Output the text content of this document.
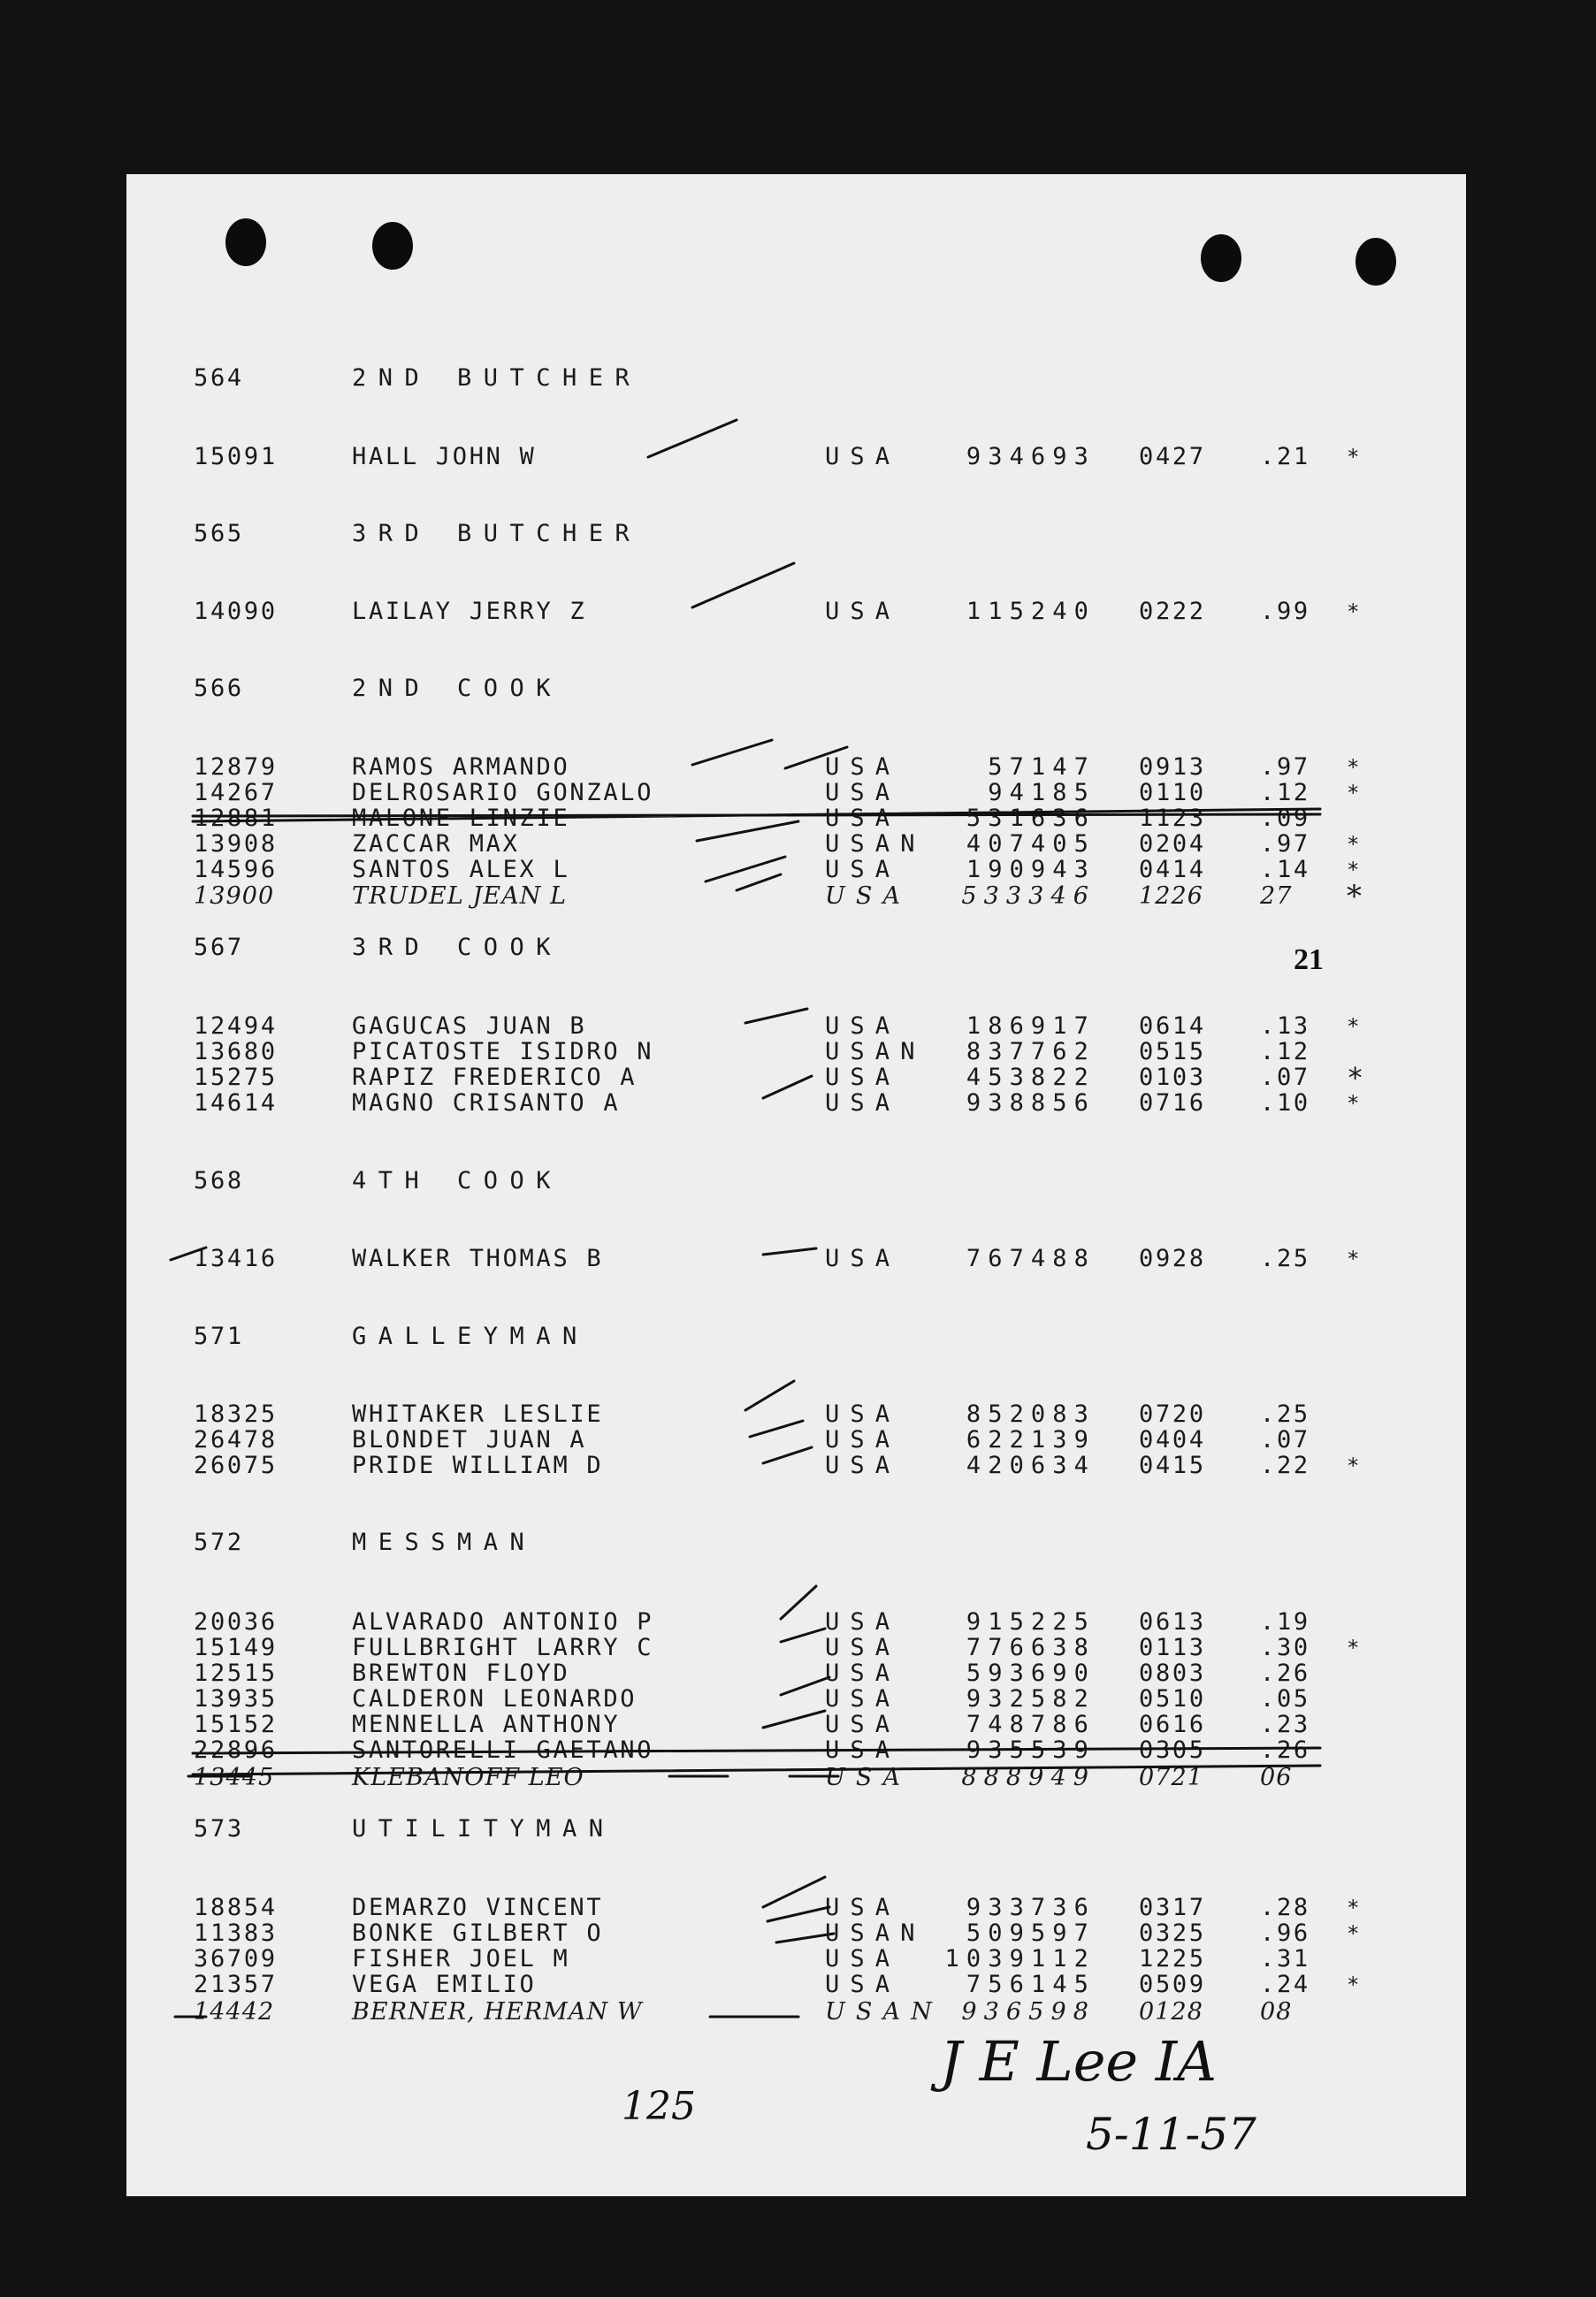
21
564	2ND BUTCHER
15091	HALL JOHN W	USA	934693 0427 .21 *
565	3RD BUTCHER
14090	LAILAY JERRY Z	USA	115240 0222 .99 *
566	2ND COOK
12879	RAMOS ARMANDO	USA	57147 0913 .97 *
14267	DELROSARIO GONZALO	USA	94185 0110 .12 *
12881	MALONE LINZIE	USA	531636 1123 .09
13908	ZACCAR MAX	USAN	407405 0204 .97 *
14596	SANTOS ALEX L	USA	190943 0414 .14 *
13900	TRUDEL JEAN L	USA	533346 1226 27 *
567	3RD COOK
12494	GAGUCAS JUAN B	USA	186917 0614 .13 *
13680	PICATOSTE ISIDRO N	USAN	837762 0515 .12
15275	RAPIZ FREDERICO A	USA	453822 0103 .07 *
14614	MAGNO CRISANTO A	USA	938856 0716 .10 *
568	4TH COOK
13416	WALKER THOMAS B	USA	767488 0928 .25 *
571	GALLEYMAN
18325	WHITAKER LESLIE	USA	852083 0720 .25
26478	BLONDET JUAN A	USA	622139 0404 .07
26075	PRIDE WILLIAM D	USA	420634 0415 .22 *
572	MESSMAN
20036	ALVARADO ANTONIO P	USA	915225 0613 .19
15149	FULLBRIGHT LARRY C	USA	776638 0113 .30 *
12515	BREWTON FLOYD	USA	593690 0803 .26
13935	CALDERON LEONARDO	USA	932582 0510 .05
15152	MENNELLA ANTHONY	USA	748786 0616 .23
22896	SANTORELLI GAETANO	USA	935539 0305 .26
13445	KLEBANOFF LEO	USA	888949 0721 06
573	UTILITYMAN
18854	DEMARZO VINCENT	USA	933736 0317 .28 *
11383	BONKE GILBERT O	USAN	509597 0325 .96 *
36709	FISHER JOEL M	USA 1039112 1225 .31
21357	VEGA EMILIO	USA	756145 0509 .24 *
14442	BERNER, HERMAN W	USAN 936598 0128 08
125
J E Lee IA
5-11-57
